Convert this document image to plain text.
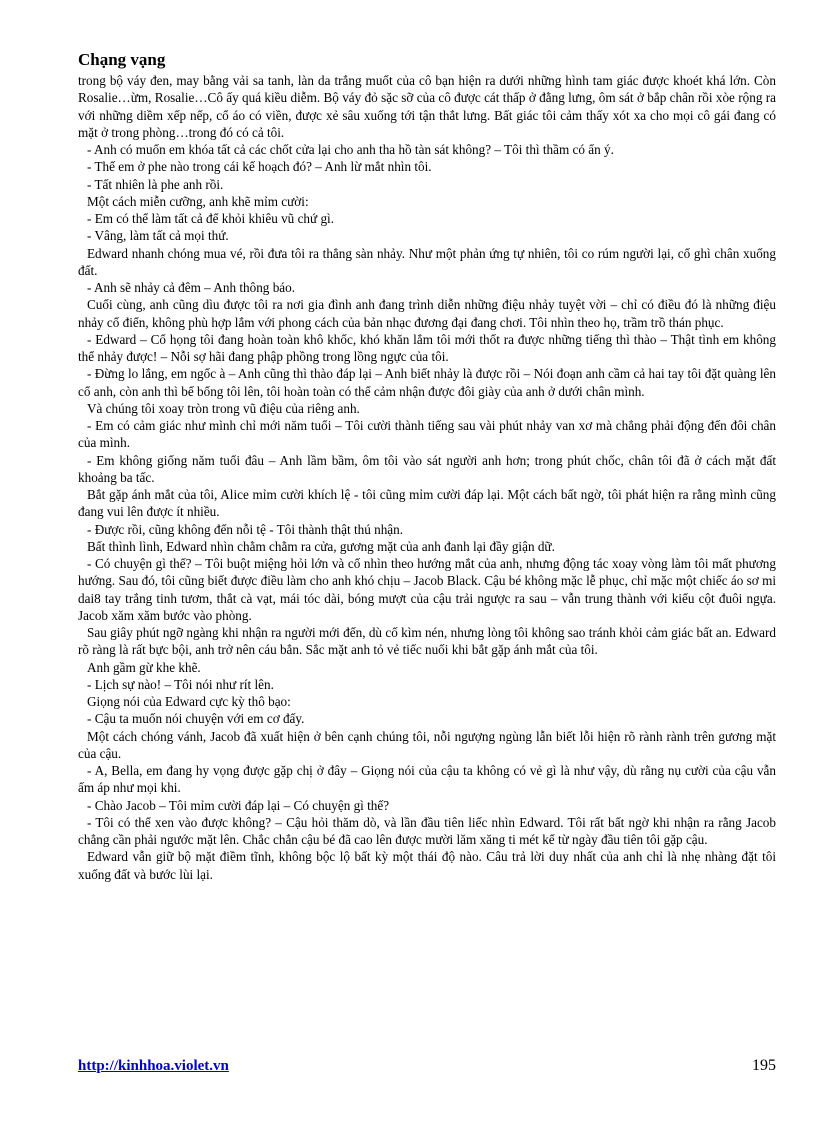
Chạng vạng

trong bộ váy đen, may bằng vải sa tanh, làn da trắng muốt của cô bạn hiện ra dưới những hình tam giác được khoét khá lớn. Còn Rosalie…ừm, Rosalie…Cô ấy quá kiều diễm. Bộ váy đỏ sặc sỡ của cô được cát thấp ở đằng lưng, ôm sát ở bắp chân rồi xòe rộng ra với những diềm xếp nếp, cổ áo có viền, được xẻ sâu xuống tới tận thắt lưng. Bất giác tôi cảm thấy xót xa cho mọi cô gái đang có mặt ở trong phòng…trong đó có cả tôi.

- Anh có muốn em khóa tất cả các chốt cửa lại cho anh tha hồ tàn sát không? – Tôi thì thầm có ẩn ý.

- Thế em ở phe nào trong cái kế hoạch đó? – Anh lừ mắt nhìn tôi.

- Tất nhiên là phe anh rồi.

Một cách miễn cưỡng, anh khẽ mỉm cười:

- Em có thể làm tất cả để khỏi khiêu vũ chứ gì.

- Vâng, làm tất cả mọi thứ.

Edward nhanh chóng mua vé, rồi đưa tôi ra thẳng sàn nhảy. Như một phản ứng tự nhiên, tôi co rúm người lại, cố ghì chân xuống đất.

- Anh sẽ nhảy cả đêm – Anh thông báo.

Cuối cùng, anh cũng dìu được tôi ra nơi gia đình anh đang trình diễn những điệu nhảy tuyệt vời – chỉ có điều đó là những điệu nhảy cổ điển, không phù hợp lắm với phong cách của bản nhạc đương đại đang chơi. Tôi nhìn theo họ, trầm trồ thán phục.

- Edward – Cổ họng tôi đang hoàn toàn khô khốc, khó khăn lắm tôi mới thốt ra được những tiếng thì thào – Thật tình em không thể nhảy được! – Nỗi sợ hãi đang phập phồng trong lồng ngực của tôi.

- Đừng lo lắng, em ngốc à – Anh cũng thì thào đáp lại – Anh biết nhảy là được rồi – Nói đoạn anh cầm cả hai tay tôi đặt quàng lên cổ anh, còn anh thì bế bổng tôi lên, tôi hoàn toàn có thể cảm nhận được đôi giày của anh ở dưới chân mình.

Và chúng tôi xoay tròn trong vũ điệu của riêng anh.

- Em có cảm giác như mình chỉ mới năm tuổi – Tôi cười thành tiếng sau vài phút nhảy van xơ mà chẳng phải động đến đôi chân của mình.

- Em không giống năm tuổi đâu – Anh lầm bầm, ôm tôi vào sát người anh hơn; trong phút chốc, chân tôi đã ở cách mặt đất khoảng ba tấc.

Bắt gặp ánh mắt của tôi, Alice mỉm cười khích lệ - tôi cũng mỉm cười đáp lại. Một cách bất ngờ, tôi phát hiện ra rằng mình cũng đang vui lên được ít nhiều.

- Được rồi, cũng không đến nỗi tệ - Tôi thành thật thú nhận.

Bất thình lình, Edward nhìn chằm chằm ra cửa, gương mặt của anh đanh lại đầy giận dữ.

- Có chuyện gì thế? – Tôi buột miệng hỏi lớn và cố nhìn theo hướng mắt của anh, nhưng động tác xoay vòng làm tôi mất phương hướng. Sau đó, tôi cũng biết được điều làm cho anh khó chịu – Jacob Black. Cậu bé không mặc lễ phục, chỉ mặc một chiếc áo sơ mi dai8 tay trắng tinh tươm, thắt cà vạt, mái tóc dài, bóng mượt của cậu trải ngược ra sau – vẫn trung thành với kiểu cột đuôi ngựa. Jacob xăm xăm bước vào phòng.

Sau giây phút ngỡ ngàng khi nhận ra người mới đến, dù cố kìm nén, nhưng lòng tôi không sao tránh khỏi cảm giác bất an. Edward rõ ràng là rất bực bội, anh trở nên cáu bẳn. Sắc mặt anh tỏ vẻ tiếc nuối khi bắt gặp ánh mắt của tôi.

Anh gầm gừ khe khẽ.

- Lịch sự nào! – Tôi nói như rít lên.

Giọng nói của Edward cực kỳ thô bạo:

- Cậu ta muốn nói chuyện với em cơ đấy.

Một cách chóng vánh, Jacob đã xuất hiện ở bên cạnh chúng tôi, nỗi ngượng ngùng lẫn biết lỗi hiện rõ rành rành trên gương mặt của cậu.

- A, Bella, em đang hy vọng được gặp chị ở đây – Giọng nói của cậu ta không có vẻ gì là như vậy, dù rằng nụ cười của cậu vẫn ấm áp như mọi khi.

- Chào Jacob – Tôi mỉm cười đáp lại – Có chuyện gì thế?

- Tôi có thể xen vào được không? – Cậu hỏi thăm dò, và lần đầu tiên liếc nhìn Edward. Tôi rất bất ngờ khi nhận ra rằng Jacob chẳng cần phải ngước mặt lên. Chắc chắn cậu bé đã cao lên được mười lăm xăng ti mét kể từ ngày đầu tiên tôi gặp cậu.

Edward vẫn giữ bộ mặt điềm tĩnh, không bộc lộ bất kỳ một thái độ nào. Câu trả lời duy nhất của anh chỉ là nhẹ nhàng đặt tôi xuống đất và bước lùi lại.

http://kinhhoa.violet.vn	195
